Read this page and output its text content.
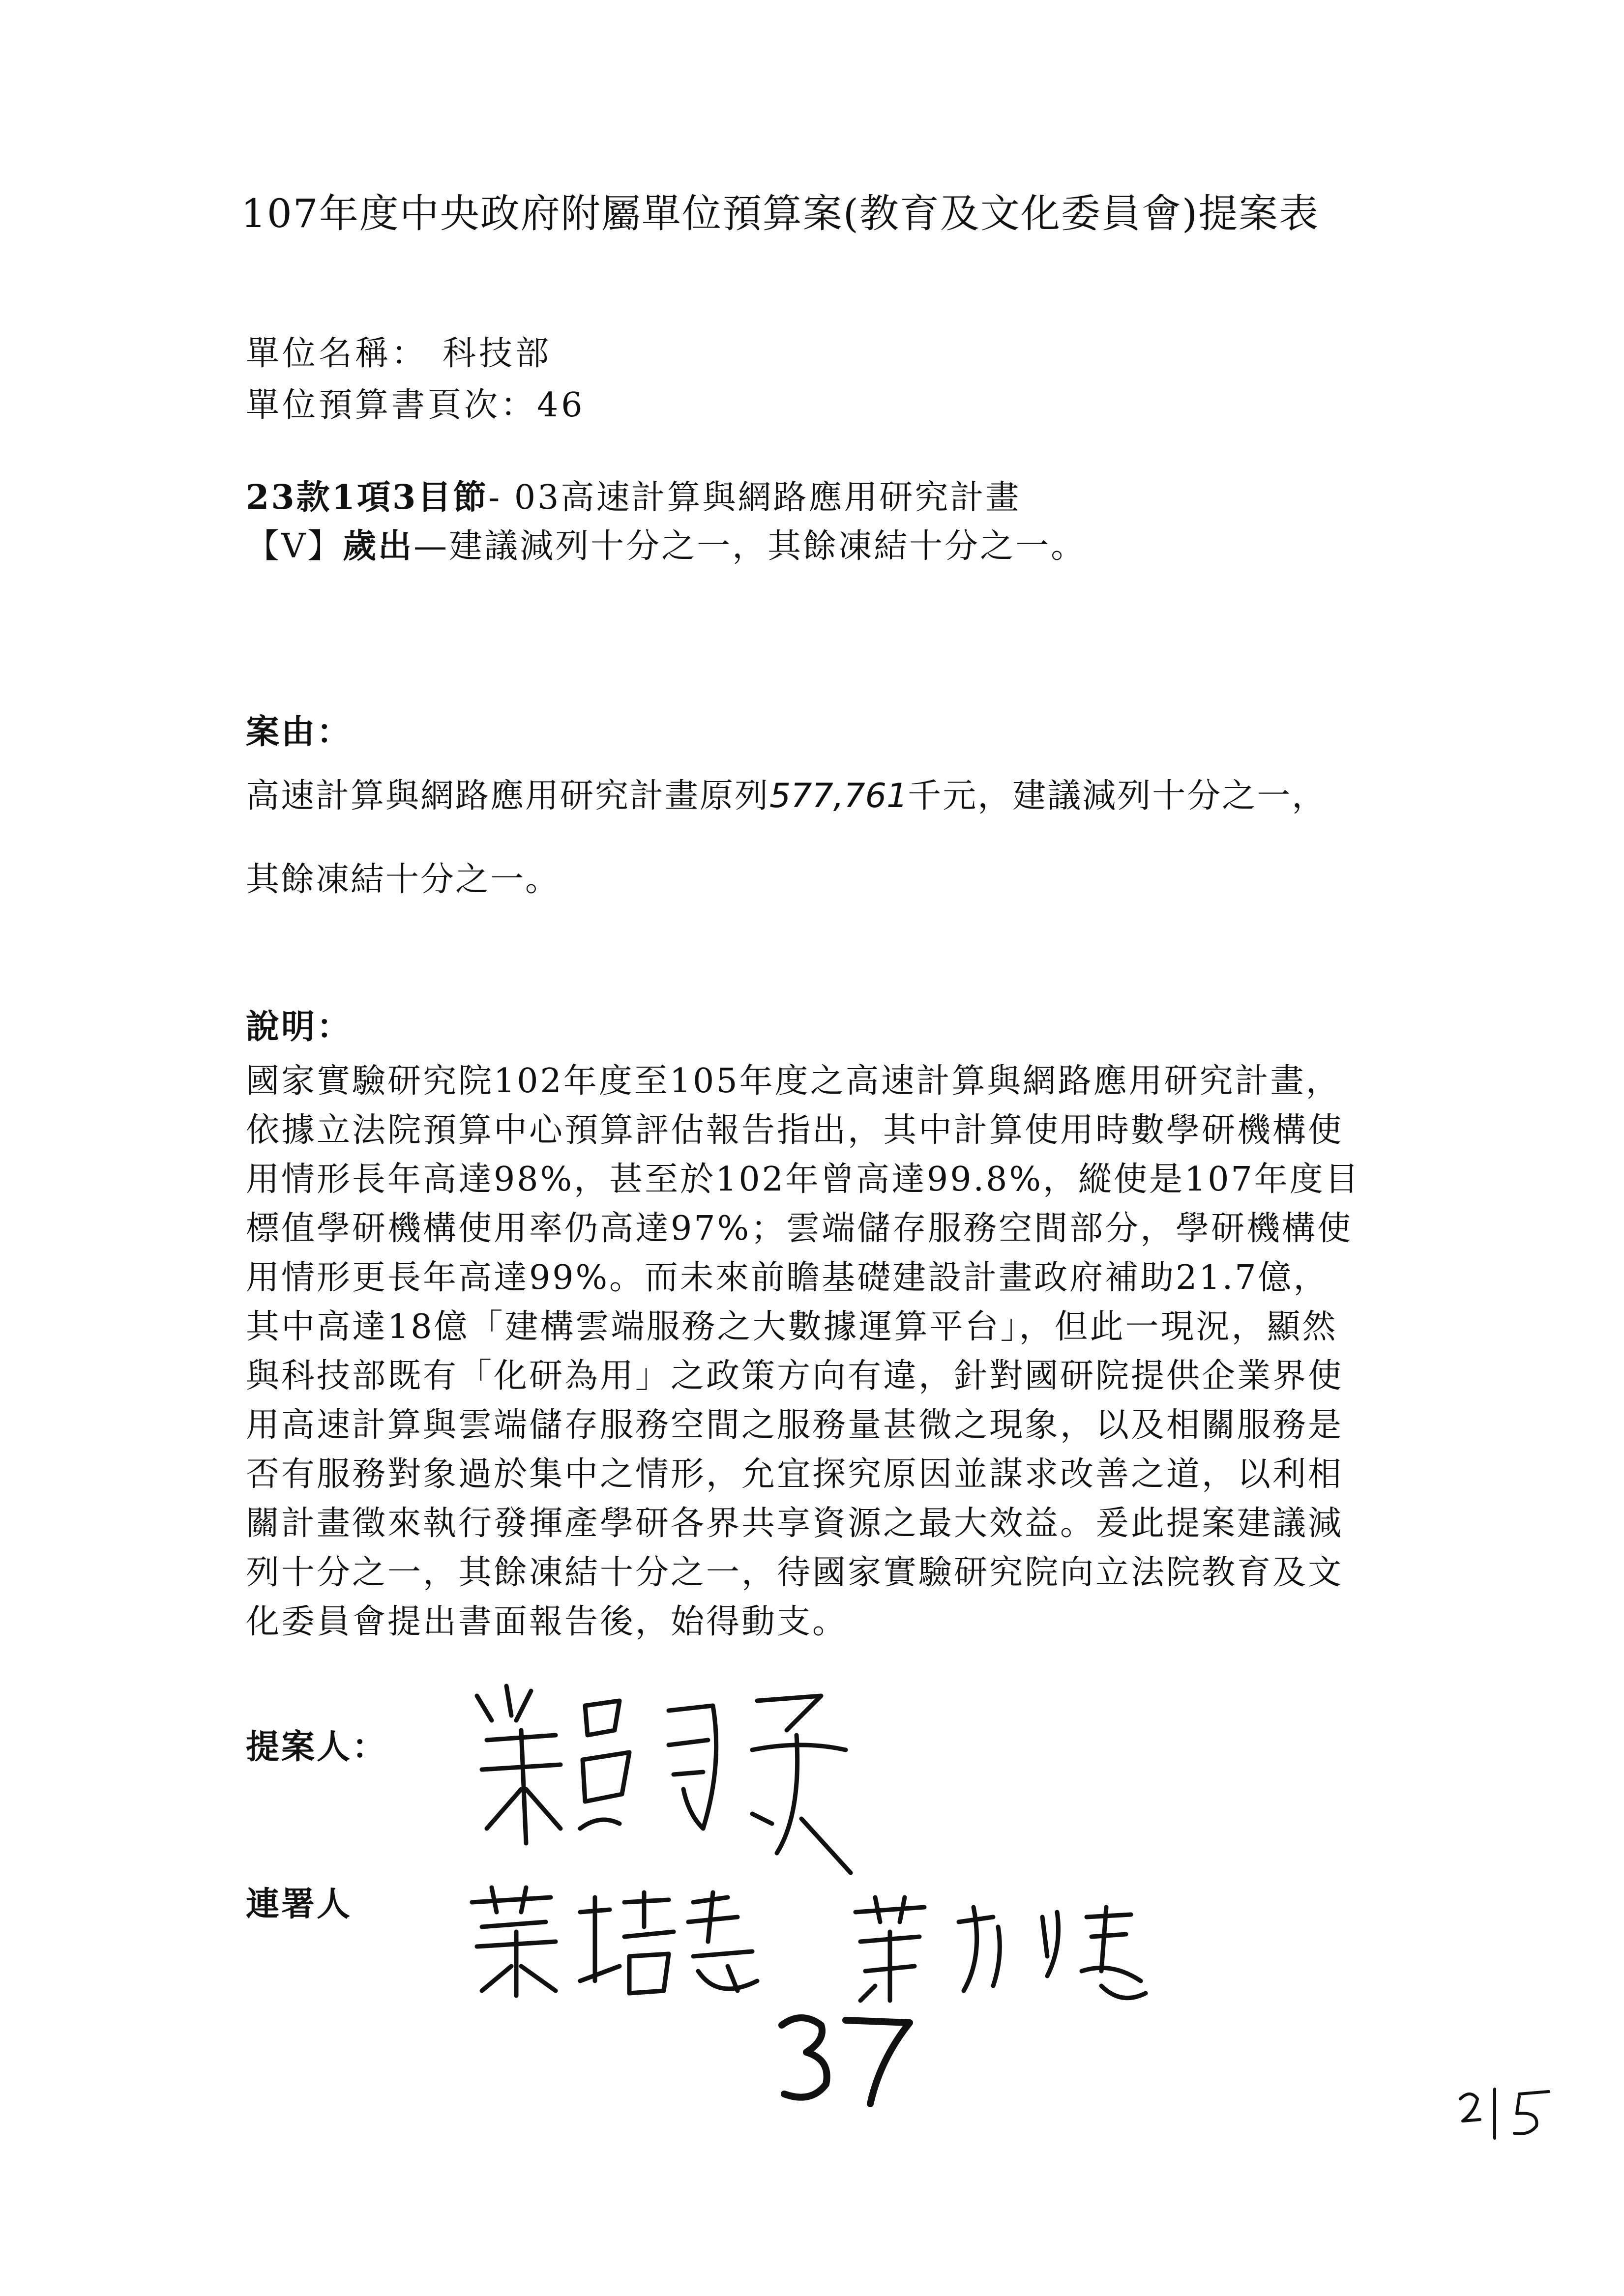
107年度中央政府附屬單位預算案(教育及文化委員會)提案表
單位名稱： 科技部
單位預算書頁次：46
23款1項3目節- 03高速計算與網路應用研究計畫
【V】歲出—建議減列十分之一，其餘凍結十分之一。
案由：
高速計算與網路應用研究計畫原列577,761千元，建議減列十分之一，
其餘凍結十分之一。
說明：
國家實驗研究院102年度至105年度之高速計算與網路應用研究計畫，
依據立法院預算中心預算評估報告指出，其中計算使用時數學研機構使
用情形長年高達98%，甚至於102年曾高達99.8%，縱使是107年度目
標值學研機構使用率仍高達97%；雲端儲存服務空間部分，學研機構使
用情形更長年高達99%。而未來前瞻基礎建設計畫政府補助21.7億，
其中高達18億「建構雲端服務之大數據運算平台」，但此一現況，顯然
與科技部既有「化研為用」之政策方向有違，針對國研院提供企業界使
用高速計算與雲端儲存服務空間之服務量甚微之現象，以及相關服務是
否有服務對象過於集中之情形，允宜探究原因並謀求改善之道，以利相
關計畫徵來執行發揮產學研各界共享資源之最大效益。爰此提案建議減
列十分之一，其餘凍結十分之一，待國家實驗研究院向立法院教育及文
化委員會提出書面報告後，始得動支。
提案人：
連署人
